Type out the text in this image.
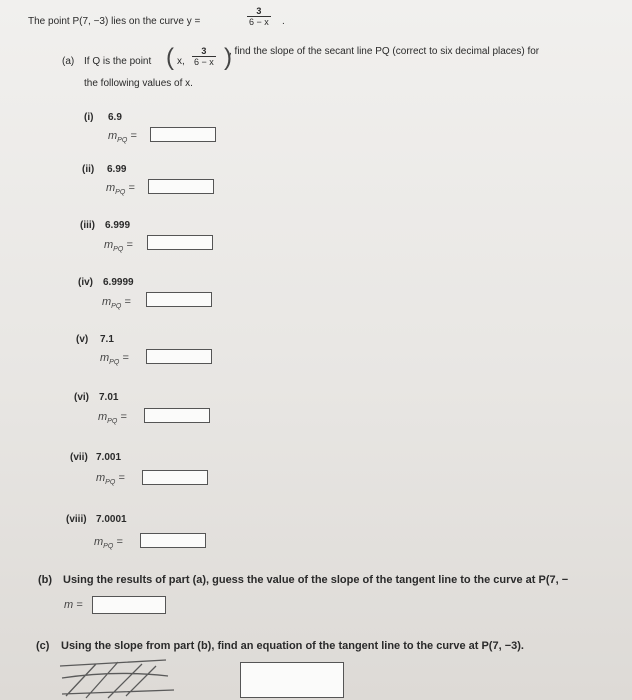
The point P(7, −3) lies on the curve y =	$\frac{3}{6 - x}$ .
(a) If Q is the point ( x, $\frac{3}{6 - x}$ )
, find the slope of the secant line PQ (correct to six decimal places) for
the following values of x.
(i) 6.9
$m_{PQ}$ =
(ii) 6.99
$m_{PQ}$ =
(iii) 6.999
$m_{PQ}$ =
(iv) 6.9999
$m_{PQ}$ =
(v) 7.1
$m_{PQ}$ =
(vi) 7.01
$m_{PQ}$ =
(vii) 7.001
$m_{PQ}$ =
(viii) 7.0001
$m_{PQ}$ =
(b) Using the results of part (a), guess the value of the slope of the tangent line to the curve at P(7, −
m =
(c) Using the slope from part (b), find an equation of the tangent line to the curve at P(7, −3).
